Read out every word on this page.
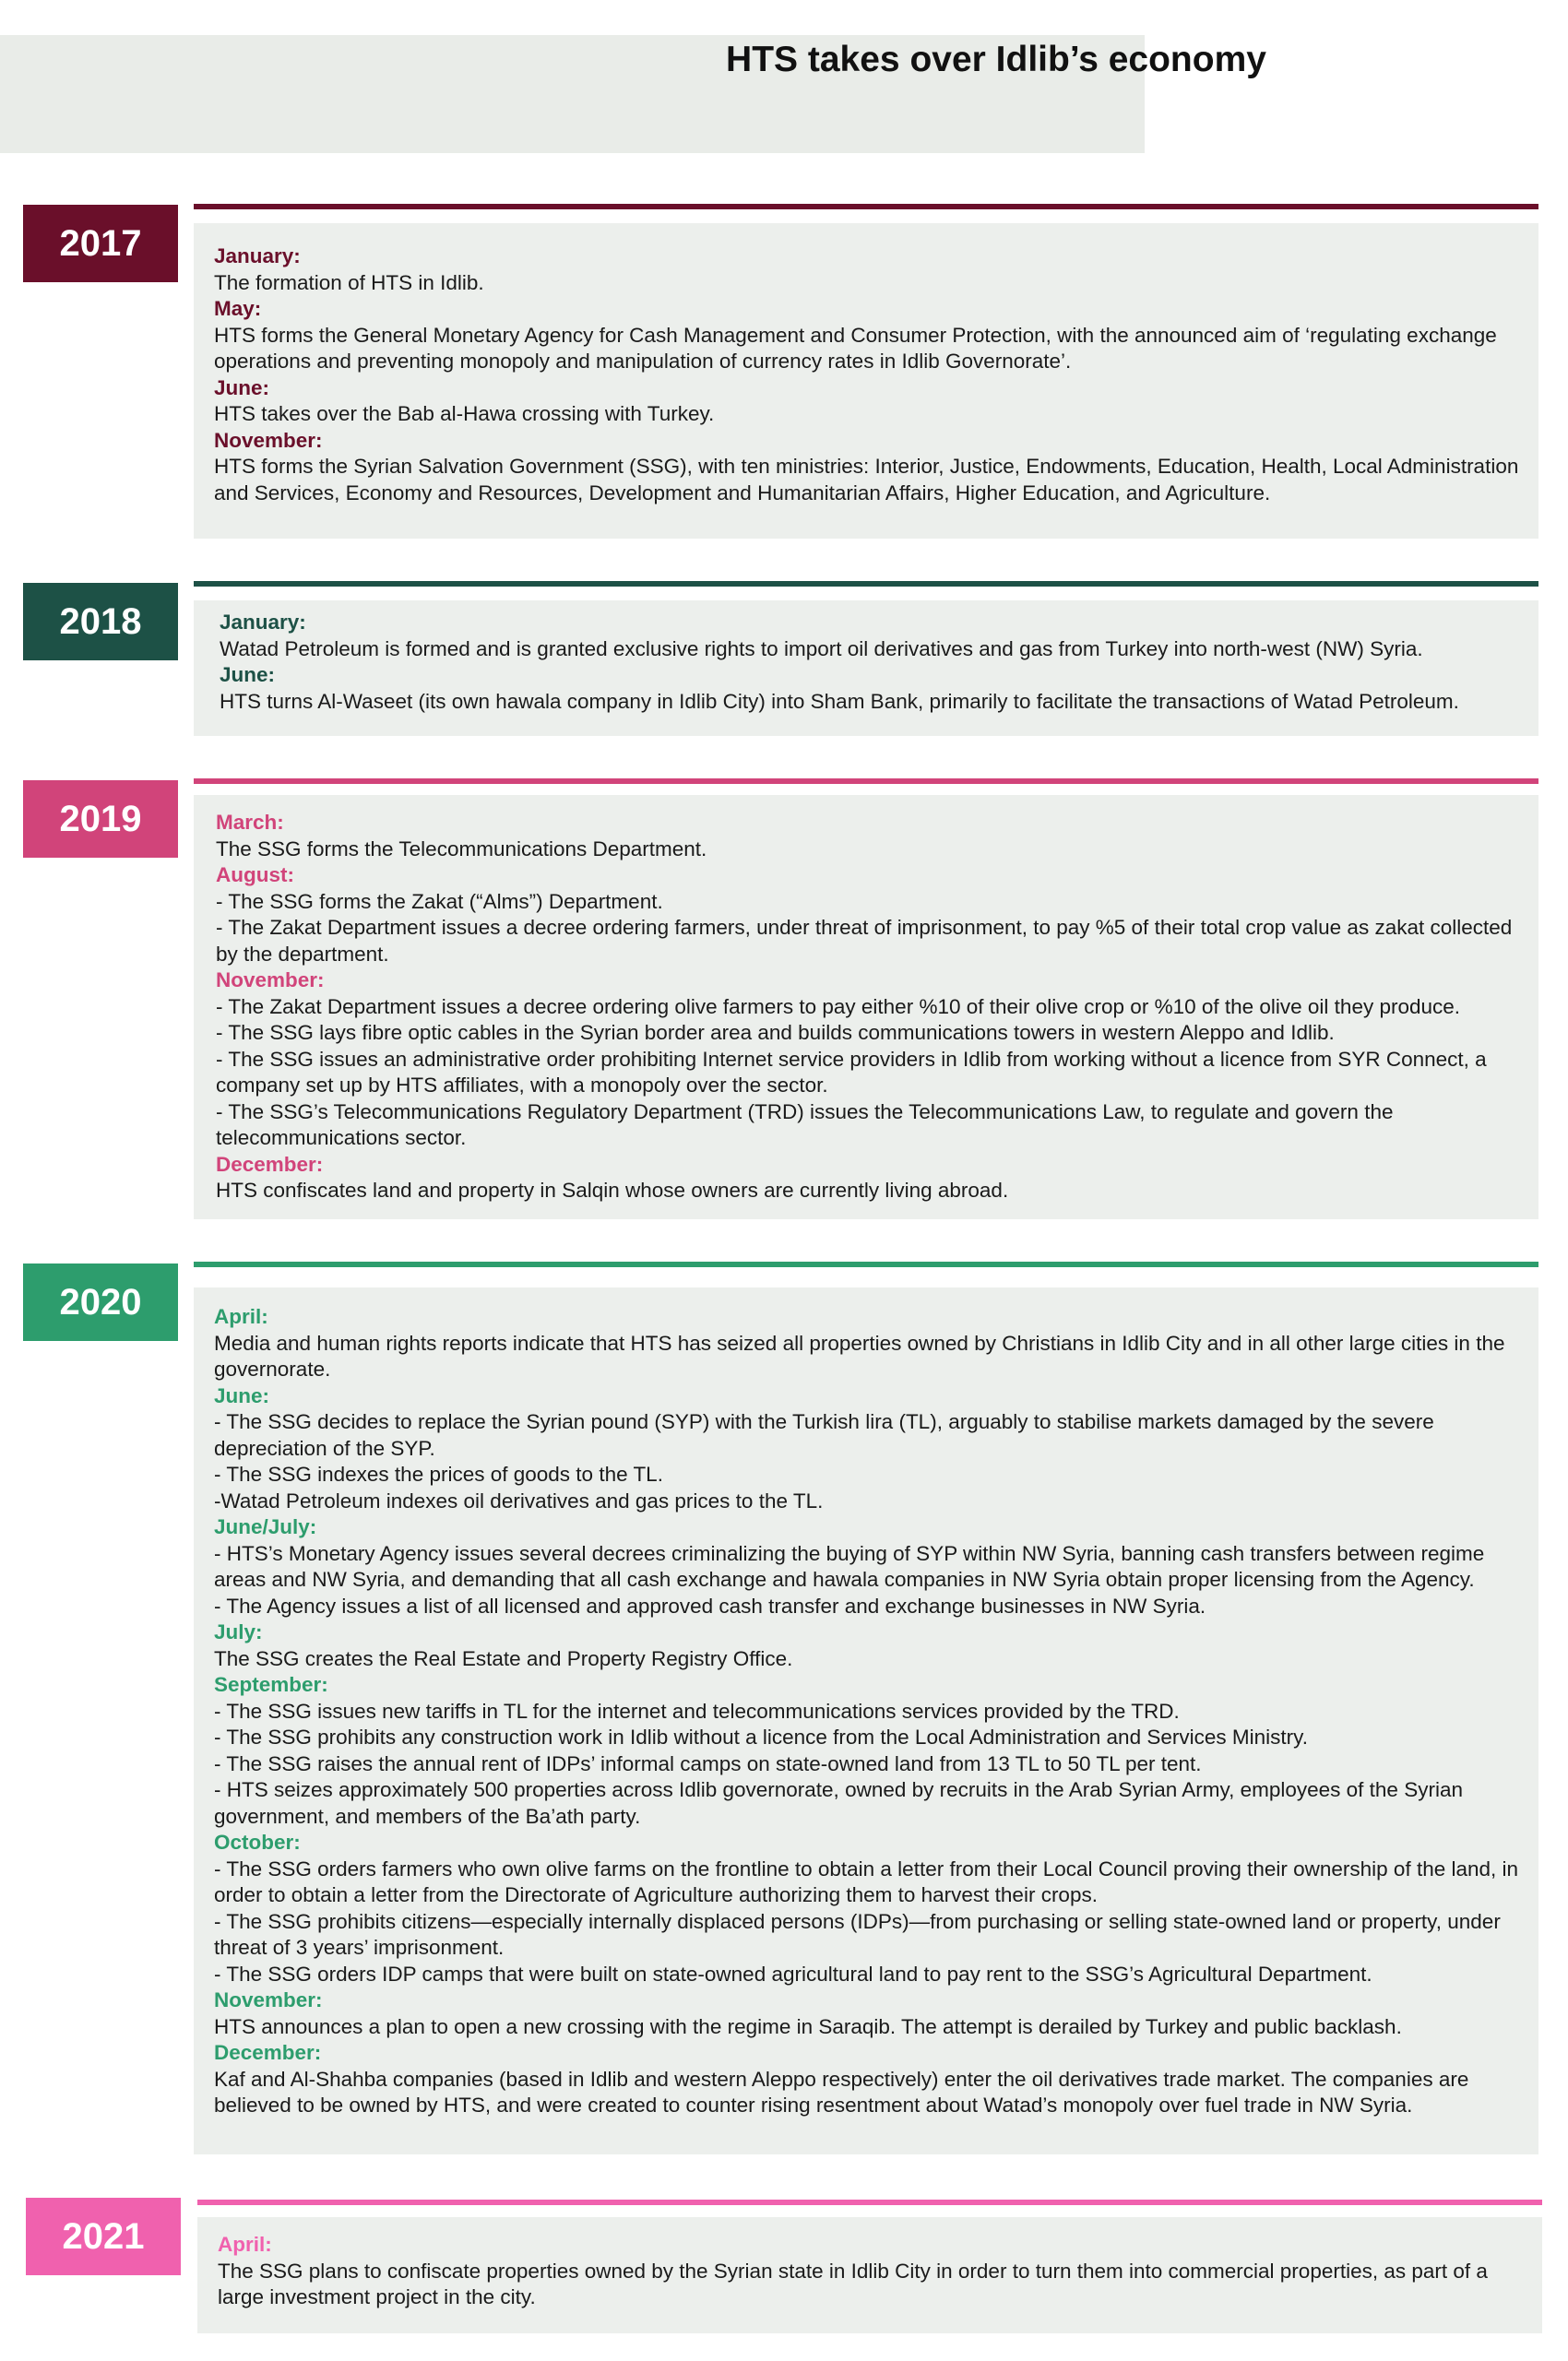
HTS takes over Idlib’s economy
2017	January:

The formation of HTS in Idlib.

May:

HTS forms the General Monetary Agency for Cash Management and Consumer Protection, with the announced aim of ‘regulating exchange operations and preventing monopoly and manipulation of currency rates in Idlib Governorate’.

June:

HTS takes over the Bab al-Hawa crossing with Turkey.

November:

HTS forms the Syrian Salvation Government (SSG), with ten ministries: Interior, Justice, Endowments, Education, Health, Local Administration and Services, Economy and Resources, Development and Humanitarian Affairs, Higher Education, and Agriculture.

2018	January:

Watad Petroleum is formed and is granted exclusive rights to import oil derivatives and gas from Turkey into north-west (NW) Syria.

June:

HTS turns Al-Waseet (its own hawala company in Idlib City) into Sham Bank, primarily to facilitate the transactions of Watad Petroleum.

2019	March:

The SSG forms the Telecommunications Department.

August:

- The SSG forms the Zakat (“Alms”) Department.

- The Zakat Department issues a decree ordering farmers, under threat of imprisonment, to pay %5 of their total crop value as zakat collected by the department.

November:

- The Zakat Department issues a decree ordering olive farmers to pay either %10 of their olive crop or %10 of the olive oil they produce.

- The SSG lays fibre optic cables in the Syrian border area and builds communications towers in western Aleppo and Idlib.

- The SSG issues an administrative order prohibiting Internet service providers in Idlib from working without a licence from SYR Connect, a company set up by HTS affiliates, with a monopoly over the sector.

- The SSG’s Telecommunications Regulatory Department (TRD) issues the Telecommunications Law, to regulate and govern the telecommunications sector.

December:

HTS confiscates land and property in Salqin whose owners are currently living abroad.

2020	April:

Media and human rights reports indicate that HTS has seized all properties owned by Christians in Idlib City and in all other large cities in the governorate.

June:

- The SSG decides to replace the Syrian pound (SYP) with the Turkish lira (TL), arguably to stabilise markets damaged by the severe depreciation of the SYP.

- The SSG indexes the prices of goods to the TL.

-Watad Petroleum indexes oil derivatives and gas prices to the TL.

June/July:

- HTS’s Monetary Agency issues several decrees criminalizing the buying of SYP within NW Syria, banning cash transfers between regime areas and NW Syria, and demanding that all cash exchange and hawala companies in NW Syria obtain proper licensing from the Agency.

- The Agency issues a list of all licensed and approved cash transfer and exchange businesses in NW Syria.

July:

The SSG creates the Real Estate and Property Registry Office.

September:

- The SSG issues new tariffs in TL for the internet and telecommunications services provided by the TRD.

- The SSG prohibits any construction work in Idlib without a licence from the Local Administration and Services Ministry.

- The SSG raises the annual rent of IDPs’ informal camps on state-owned land from 13 TL to 50 TL per tent.

- HTS seizes approximately 500 properties across Idlib governorate, owned by recruits in the Arab Syrian Army, employees of the Syrian government, and members of the Ba’ath party.

October:

- The SSG orders farmers who own olive farms on the frontline to obtain a letter from their Local Council proving their ownership of the land, in order to obtain a letter from the Directorate of Agriculture authorizing them to harvest their crops.

- The SSG prohibits citizens—especially internally displaced persons (IDPs)—from purchasing or selling state-owned land or property, under threat of 3 years’ imprisonment.

- The SSG orders IDP camps that were built on state-owned agricultural land to pay rent to the SSG’s Agricultural Department.

November:

HTS announces a plan to open a new crossing with the regime in Saraqib. The attempt is derailed by Turkey and public backlash.

December:

Kaf and Al-Shahba companies (based in Idlib and western Aleppo respectively) enter the oil derivatives trade market. The companies are believed to be owned by HTS, and were created to counter rising resentment about Watad’s monopoly over fuel trade in NW Syria.

2021	April:

The SSG plans to confiscate properties owned by the Syrian state in Idlib City in order to turn them into commercial properties, as part of a large investment project in the city.
